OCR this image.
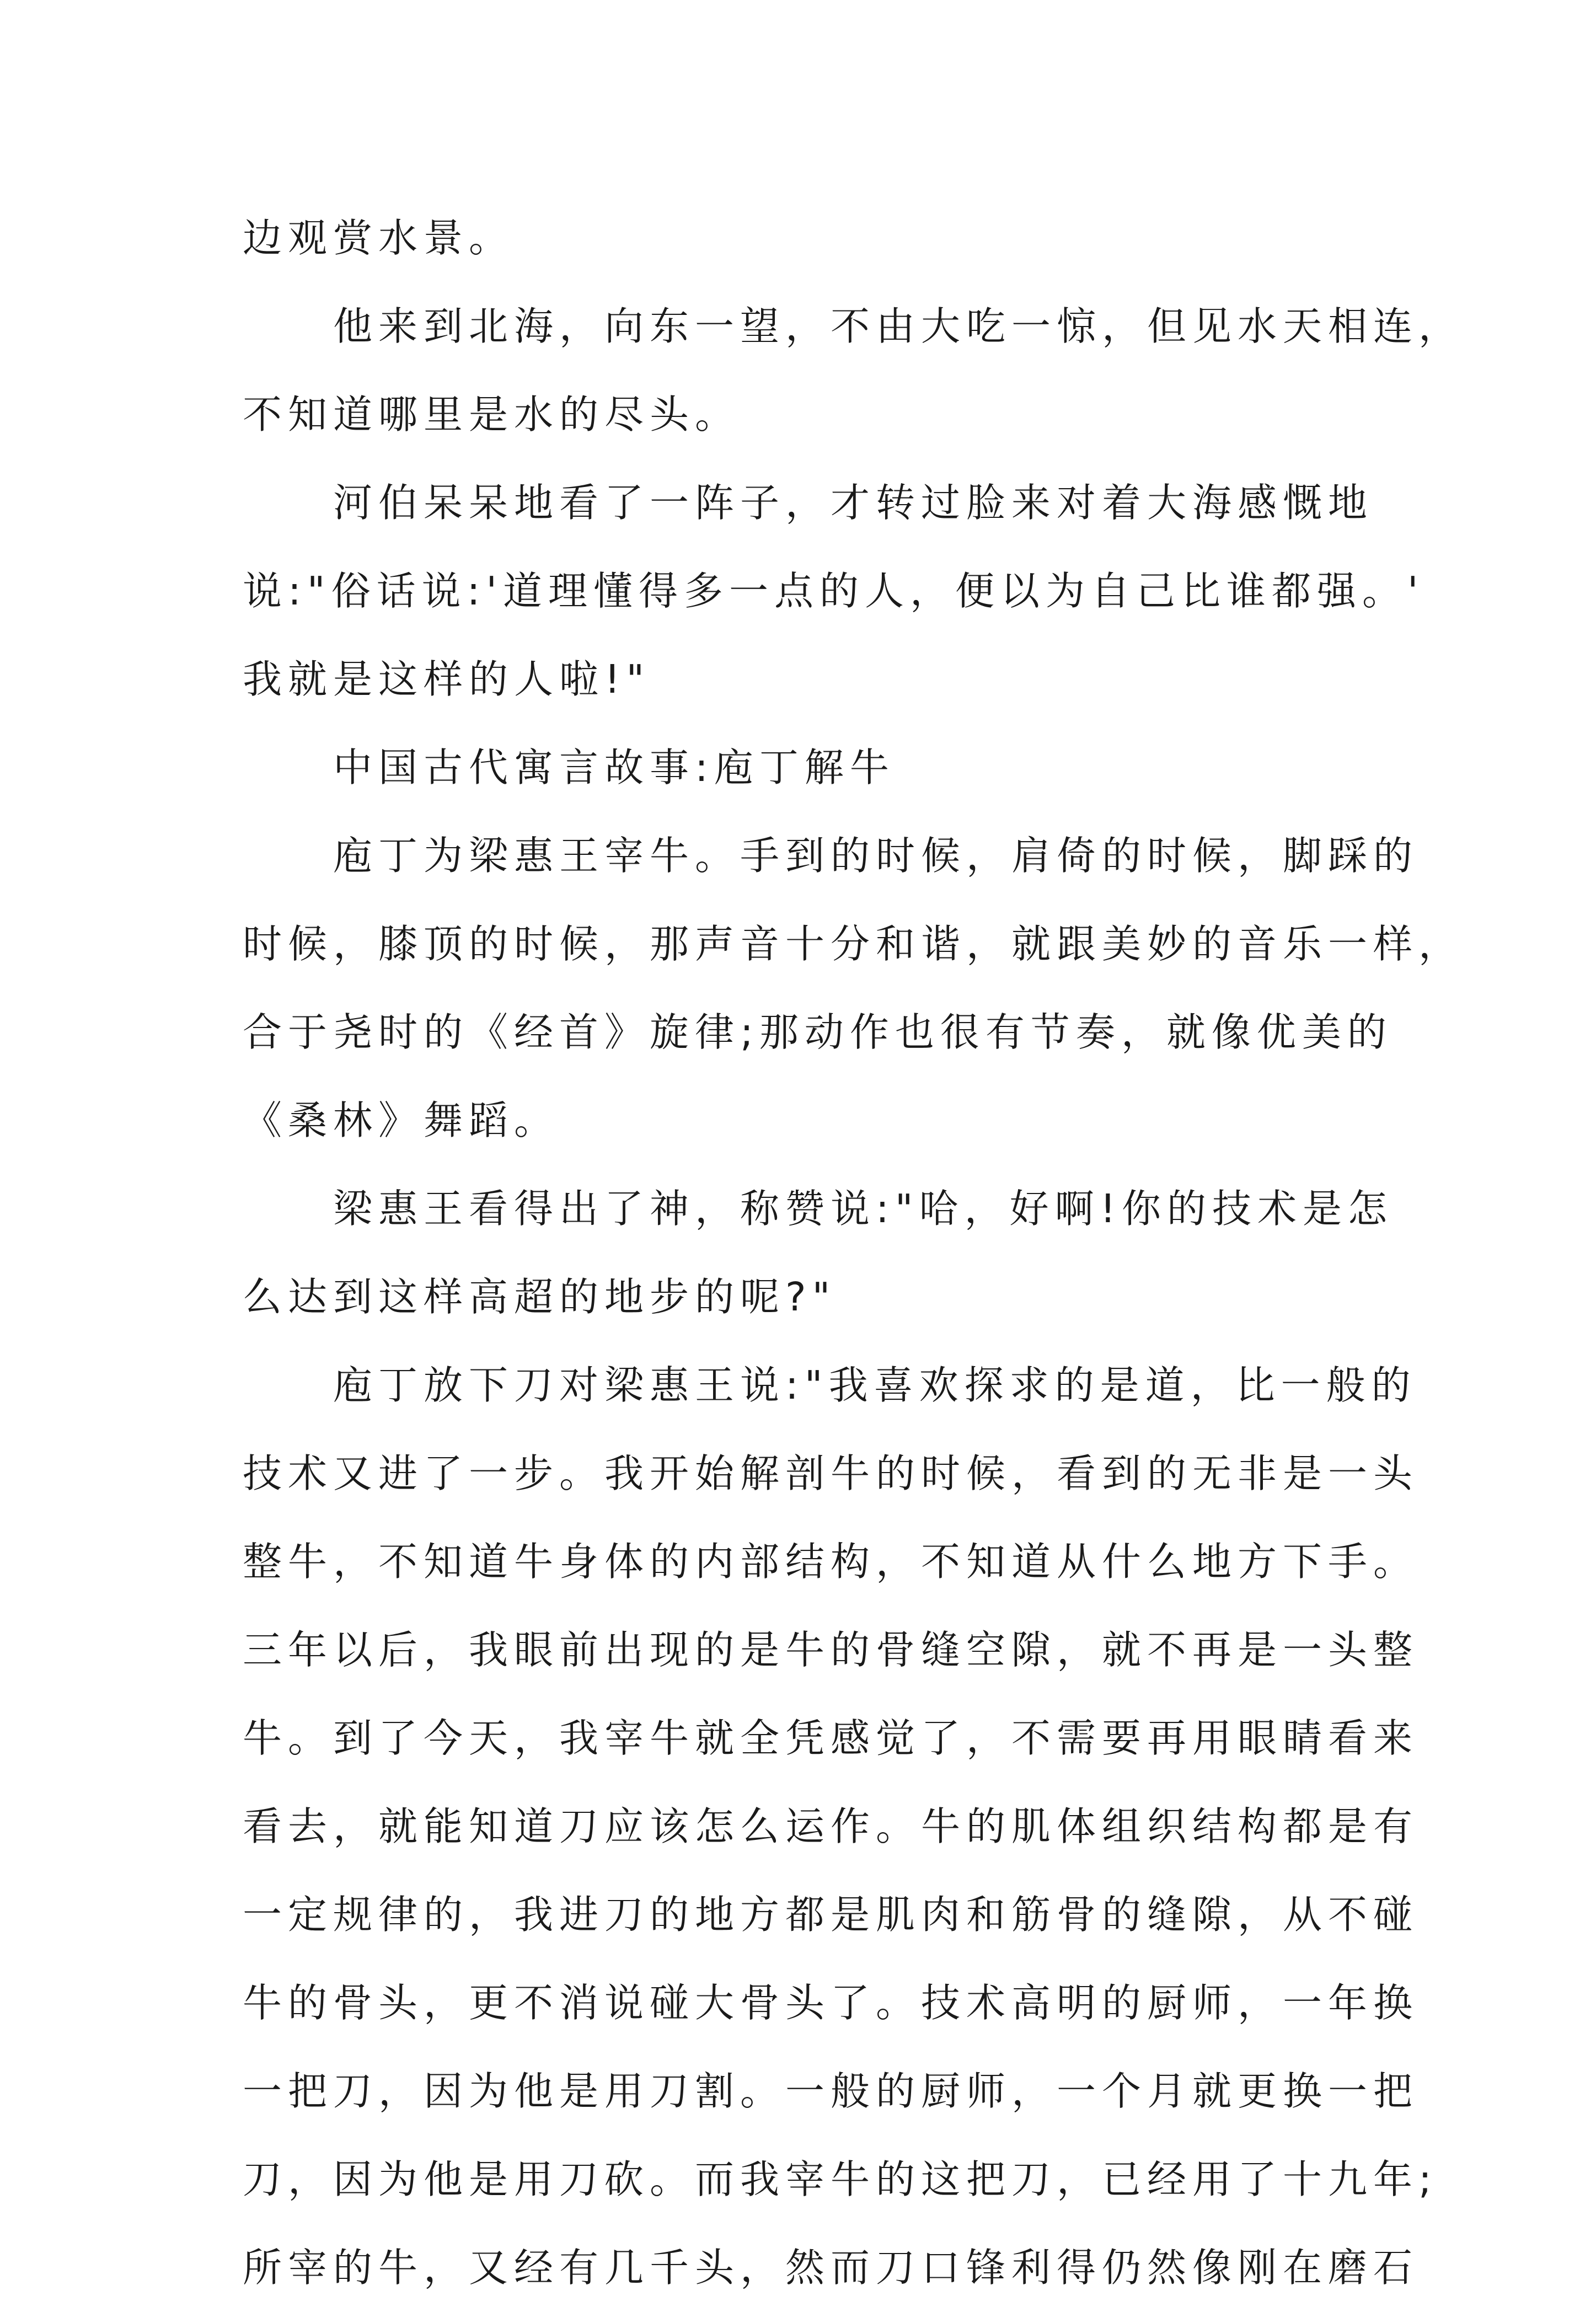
边观赏水景。
他来到北海，向东一望，不由大吃一惊，但见水天相连，
不知道哪里是水的尽头。
河伯呆呆地看了一阵子，才转过脸来对着大海感慨地
说:"俗话说:'道理懂得多一点的人，便以为自己比谁都强。'
我就是这样的人啦!"
中国古代寓言故事:庖丁解牛
庖丁为梁惠王宰牛。手到的时候，肩倚的时候，脚踩的
时候，膝顶的时候，那声音十分和谐，就跟美妙的音乐一样，
合于尧时的《经首》旋律;那动作也很有节奏，就像优美的
《桑林》舞蹈。
梁惠王看得出了神，称赞说:"哈，好啊!你的技术是怎
么达到这样高超的地步的呢?"
庖丁放下刀对梁惠王说:"我喜欢探求的是道，比一般的
技术又进了一步。我开始解剖牛的时候，看到的无非是一头
整牛，不知道牛身体的内部结构，不知道从什么地方下手。
三年以后，我眼前出现的是牛的骨缝空隙，就不再是一头整
牛。到了今天，我宰牛就全凭感觉了，不需要再用眼睛看来
看去，就能知道刀应该怎么运作。牛的肌体组织结构都是有
一定规律的，我进刀的地方都是肌肉和筋骨的缝隙，从不碰
牛的骨头，更不消说碰大骨头了。技术高明的厨师，一年换
一把刀，因为他是用刀割。一般的厨师，一个月就更换一把
刀，因为他是用刀砍。而我宰牛的这把刀，已经用了十九年;
所宰的牛，又经有几千头，然而刀口锋利得仍然像刚在磨石
